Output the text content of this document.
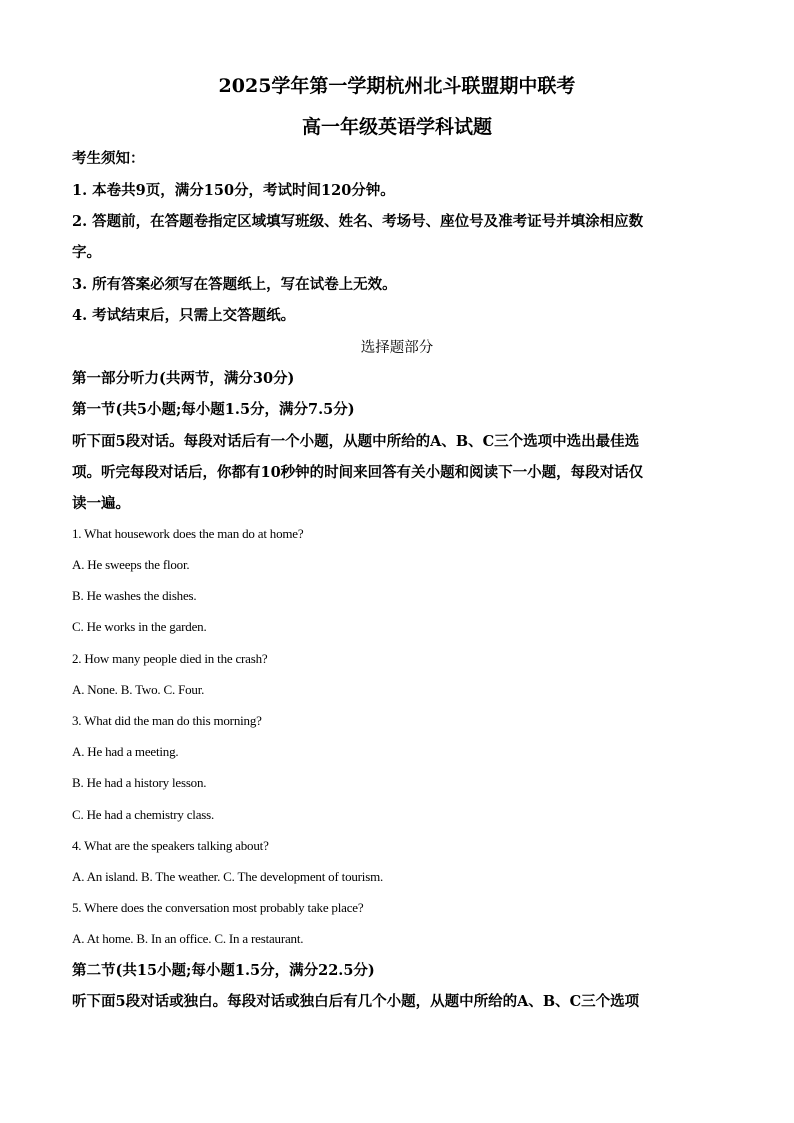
2025学年第一学期杭州北斗联盟期中联考
高一年级英语学科试题
考生须知：
1. 本卷共9页，满分150分，考试时间120分钟。
2. 答题前，在答题卷指定区域填写班级、姓名、考场号、座位号及准考证号并填涂相应数
字。
3. 所有答案必须写在答题纸上，写在试卷上无效。
4. 考试结束后，只需上交答题纸。
选择题部分
第一部分听力(共两节，满分30分)
第一节(共5小题;每小题1.5分，满分7.5分)
听下面5段对话。每段对话后有一个小题，从题中所给的A、B、C三个选项中选出最佳选
项。听完每段对话后，你都有10秒钟的时间来回答有关小题和阅读下一小题，每段对话仅
读一遍。
1. What housework does the man do at home?
A. He sweeps the floor.
B. He washes the dishes.
C. He works in the garden.
2. How many people died in the crash?
A. None. B. Two. C. Four.
3. What did the man do this morning?
A. He had a meeting.
B. He had a history lesson.
C. He had a chemistry class.
4. What are the speakers talking about?
A. An island. B. The weather. C. The development of tourism.
5. Where does the conversation most probably take place?
A. At home. B. In an office. C. In a restaurant.
第二节(共15小题;每小题1.5分，满分22.5分)
听下面5段对话或独白。每段对话或独白后有几个小题，从题中所给的A、B、C三个选项
